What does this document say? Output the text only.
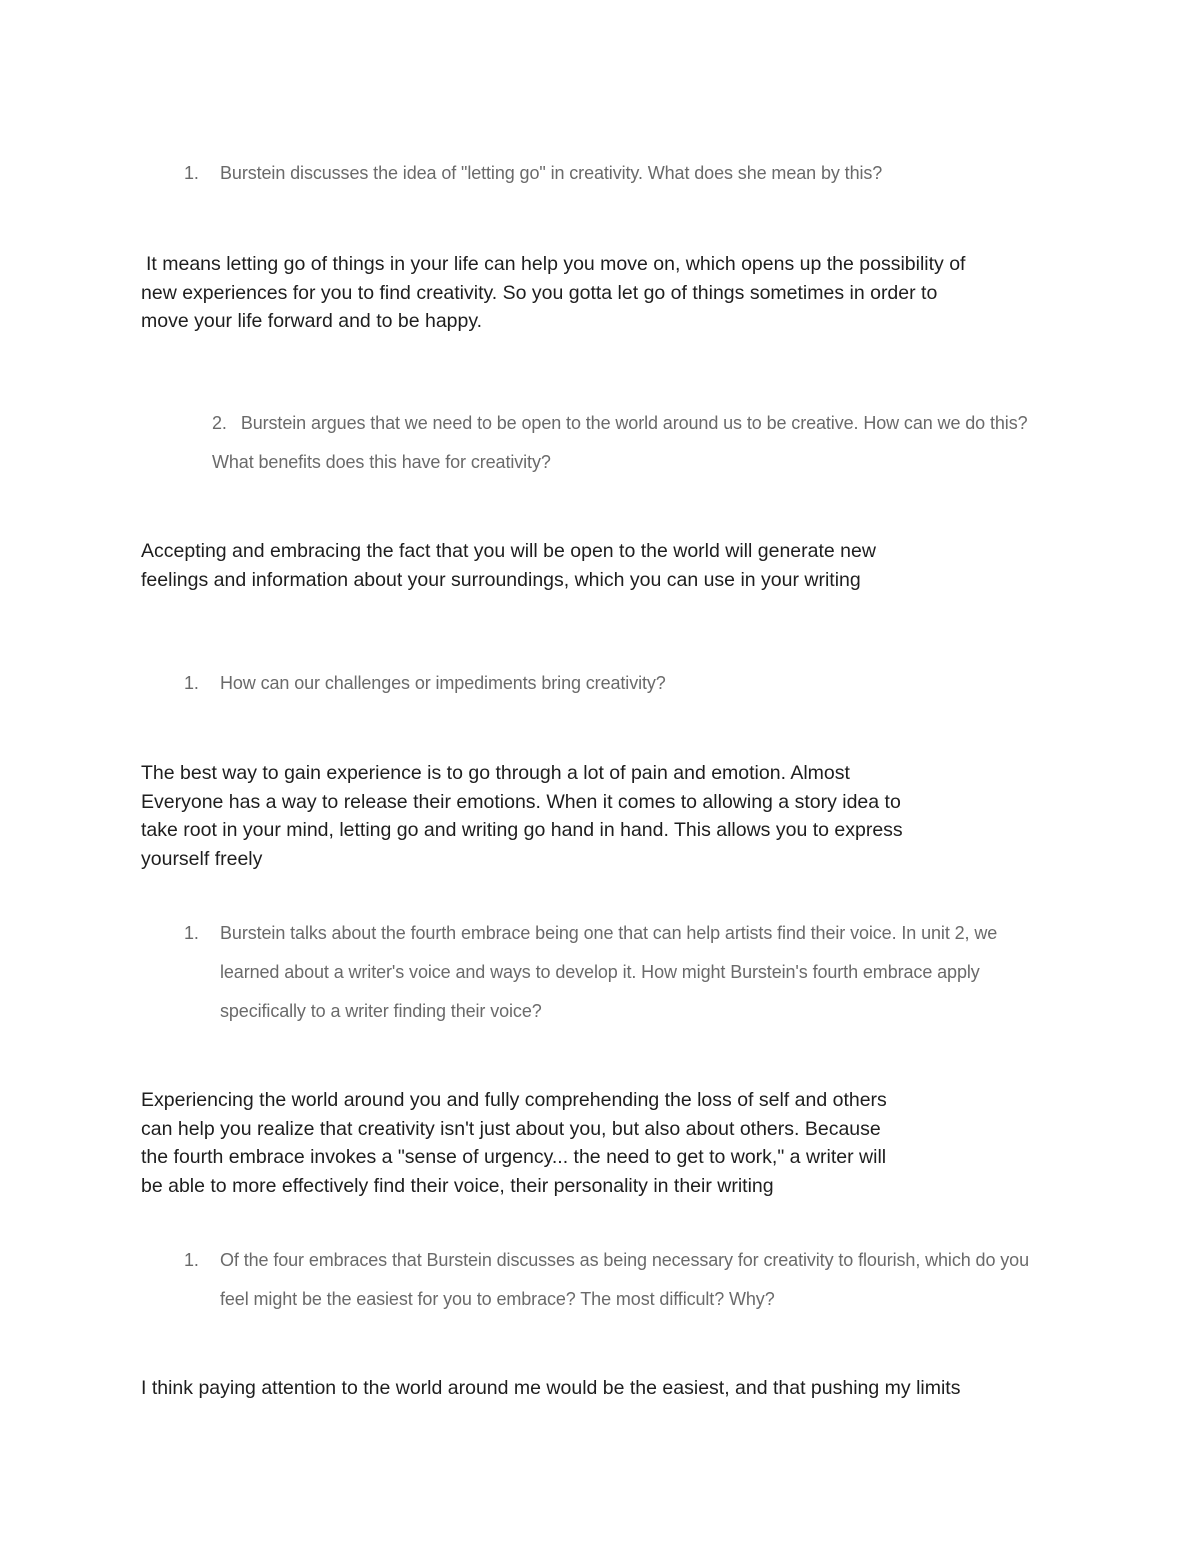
1. Burstein discusses the idea of "letting go" in creativity. What does she mean by this?

It means letting go of things in your life can help you move on, which opens up the possibility of
new experiences for you to find creativity. So you gotta let go of things sometimes in order to
move your life forward and to be happy.

2. Burstein argues that we need to be open to the world around us to be creative. How can we do this? What benefits does this have for creativity?

Accepting and embracing the fact that you will be open to the world will generate new
feelings and information about your surroundings, which you can use in your writing

1. How can our challenges or impediments bring creativity?

The best way to gain experience is to go through a lot of pain and emotion. Almost
Everyone has a way to release their emotions. When it comes to allowing a story idea to
take root in your mind, letting go and writing go hand in hand. This allows you to express
yourself freely

1. Burstein talks about the fourth embrace being one that can help artists find their voice. In unit 2, we learned about a writer's voice and ways to develop it. How might Burstein's fourth embrace apply specifically to a writer finding their voice?

Experiencing the world around you and fully comprehending the loss of self and others
can help you realize that creativity isn't just about you, but also about others. Because
the fourth embrace invokes a "sense of urgency... the need to get to work," a writer will
be able to more effectively find their voice, their personality in their writing

1. Of the four embraces that Burstein discusses as being necessary for creativity to flourish, which do you feel might be the easiest for you to embrace? The most difficult? Why?

I think paying attention to the world around me would be the easiest, and that pushing my limits
